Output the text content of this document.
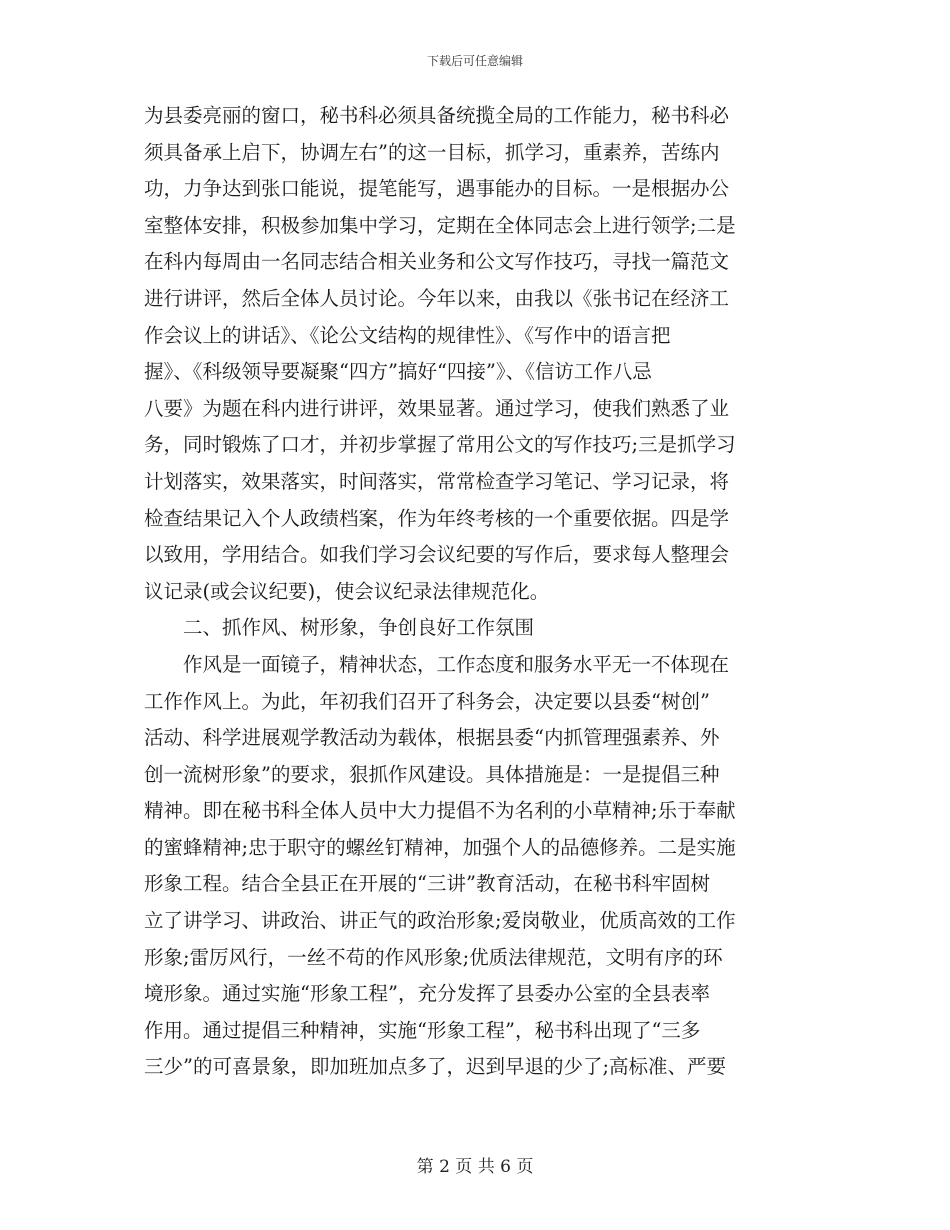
下载后可任意编辑
为县委亮丽的窗口，秘书科必须具备统揽全局的工作能力，秘书科必
须具备承上启下，协调左右”的这一目标，抓学习，重素养，苦练内
功，力争达到张口能说，提笔能写，遇事能办的目标。一是根据办公
室整体安排，积极参加集中学习，定期在全体同志会上进行领学;二是
在科内每周由一名同志结合相关业务和公文写作技巧，寻找一篇范文
进行讲评，然后全体人员讨论。今年以来，由我以《张书记在经济工
作会议上的讲话》、《论公文结构的规律性》、《写作中的语言把
握》、《科级领导要凝聚“四方”搞好“四接”》、《信访工作八忌
八要》为题在科内进行讲评，效果显著。通过学习，使我们熟悉了业
务，同时锻炼了口才，并初步掌握了常用公文的写作技巧;三是抓学习
计划落实，效果落实，时间落实，常常检查学习笔记、学习记录，将
检查结果记入个人政绩档案，作为年终考核的一个重要依据。四是学
以致用，学用结合。如我们学习会议纪要的写作后，要求每人整理会
议记录(或会议纪要)，使会议纪录法律规范化。
二、抓作风、树形象，争创良好工作氛围
作风是一面镜子，精神状态，工作态度和服务水平无一不体现在
工作作风上。为此，年初我们召开了科务会，决定要以县委“树创”
活动、科学进展观学教活动为载体，根据县委“内抓管理强素养、外
创一流树形象”的要求，狠抓作风建设。具体措施是：一是提倡三种
精神。即在秘书科全体人员中大力提倡不为名利的小草精神;乐于奉献
的蜜蜂精神;忠于职守的螺丝钉精神，加强个人的品德修养。二是实施
形象工程。结合全县正在开展的“三讲”教育活动，在秘书科牢固树
立了讲学习、讲政治、讲正气的政治形象;爱岗敬业，优质高效的工作
形象;雷厉风行，一丝不苟的作风形象;优质法律规范，文明有序的环
境形象。通过实施“形象工程”，充分发挥了县委办公室的全县表率
作用。通过提倡三种精神，实施“形象工程”，秘书科出现了“三多
三少”的可喜景象，即加班加点多了，迟到早退的少了;高标准、严要
第 2 页 共 6 页
